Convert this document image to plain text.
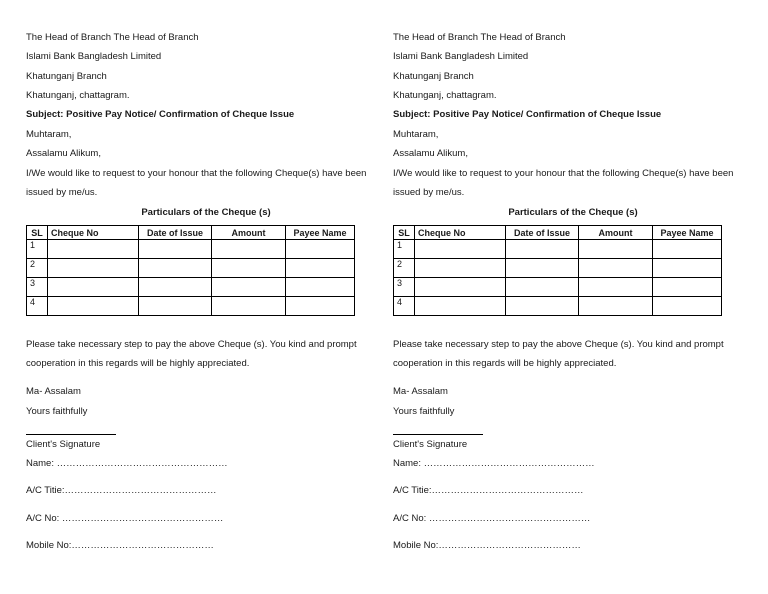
The Head of Branch The Head of Branch
Islami Bank Bangladesh Limited
Khatunganj Branch
Khatunganj, chattagram.
Subject: Positive Pay Notice/ Confirmation of Cheque Issue
Muhtaram,
Assalamu Alikum,
I/We would like to request to your honour that the following Cheque(s) have been
issued by me/us.
Particulars of the Cheque (s)
SL	Cheque No	Date of Issue	Amount	Payee Name
1				
2				
3				
4				
Please take necessary step to pay the above Cheque (s). You kind and prompt
cooperation in this regards will be highly appreciated.
Ma- Assalam
Yours faithfully
Client's Signature
Name: ………………………………………………
A/C Titie:…………………………………………
A/C No: ……………………………………………
Mobile No:………………………………………
The Head of Branch The Head of Branch
Islami Bank Bangladesh Limited
Khatunganj Branch
Khatunganj, chattagram.
Subject: Positive Pay Notice/ Confirmation of Cheque Issue
Muhtaram,
Assalamu Alikum,
I/We would like to request to your honour that the following Cheque(s) have been
issued by me/us.
Particulars of the Cheque (s)
SL	Cheque No	Date of Issue	Amount	Payee Name
1				
2				
3				
4				
Please take necessary step to pay the above Cheque (s). You kind and prompt
cooperation in this regards will be highly appreciated.
Ma- Assalam
Yours faithfully
Client's Signature
Name: ………………………………………………
A/C Titie:…………………………………………
A/C No: ……………………………………………
Mobile No:………………………………………
